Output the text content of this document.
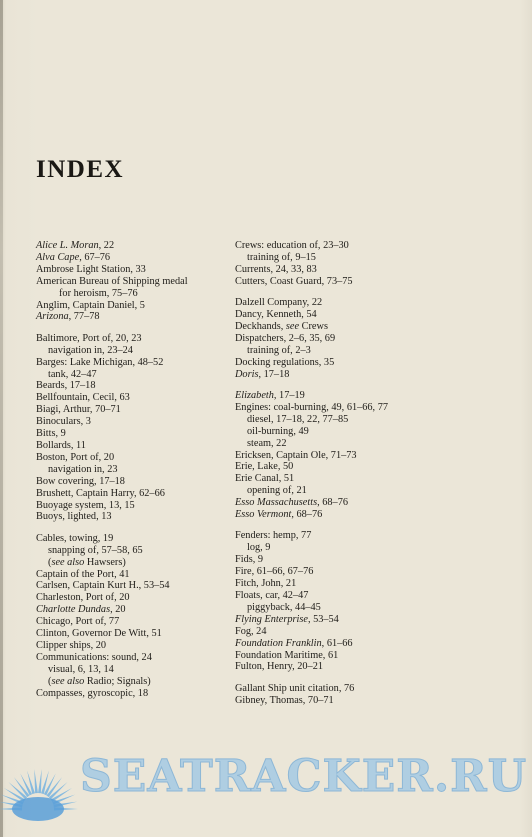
INDEX
Alice L. Moran, 22
Alva Cape, 67–76
Ambrose Light Station, 33
American Bureau of Shipping medal
for heroism, 75–76
Anglim, Captain Daniel, 5
Arizona, 77–78
Baltimore, Port of, 20, 23
navigation in, 23–24
Barges: Lake Michigan, 48–52
tank, 42–47
Beards, 17–18
Bellfountain, Cecil, 63
Biagi, Arthur, 70–71
Binoculars, 3
Bitts, 9
Bollards, 11
Boston, Port of, 20
navigation in, 23
Bow covering, 17–18
Brushett, Captain Harry, 62–66
Buoyage system, 13, 15
Buoys, lighted, 13
Cables, towing, 19
snapping of, 57–58, 65
(see also Hawsers)
Captain of the Port, 41
Carlsen, Captain Kurt H., 53–54
Charleston, Port of, 20
Charlotte Dundas, 20
Chicago, Port of, 77
Clinton, Governor De Witt, 51
Clipper ships, 20
Communications: sound, 24
visual, 6, 13, 14
(see also Radio; Signals)
Compasses, gyroscopic, 18
Crews: education of, 23–30
training of, 9–15
Currents, 24, 33, 83
Cutters, Coast Guard, 73–75
Dalzell Company, 22
Dancy, Kenneth, 54
Deckhands, see Crews
Dispatchers, 2–6, 35, 69
training of, 2–3
Docking regulations, 35
Doris, 17–18
Elizabeth, 17–19
Engines: coal-burning, 49, 61–66, 77
diesel, 17–18, 22, 77–85
oil-burning, 49
steam, 22
Ericksen, Captain Ole, 71–73
Erie, Lake, 50
Erie Canal, 51
opening of, 21
Esso Massachusetts, 68–76
Esso Vermont, 68–76
Fenders: hemp, 77
log, 9
Fids, 9
Fire, 61–66, 67–76
Fitch, John, 21
Floats, car, 42–47
piggyback, 44–45
Flying Enterprise, 53–54
Fog, 24
Foundation Franklin, 61–66
Foundation Maritime, 61
Fulton, Henry, 20–21
Gallant Ship unit citation, 76
Gibney, Thomas, 70–71
SEATRACKER.RU
